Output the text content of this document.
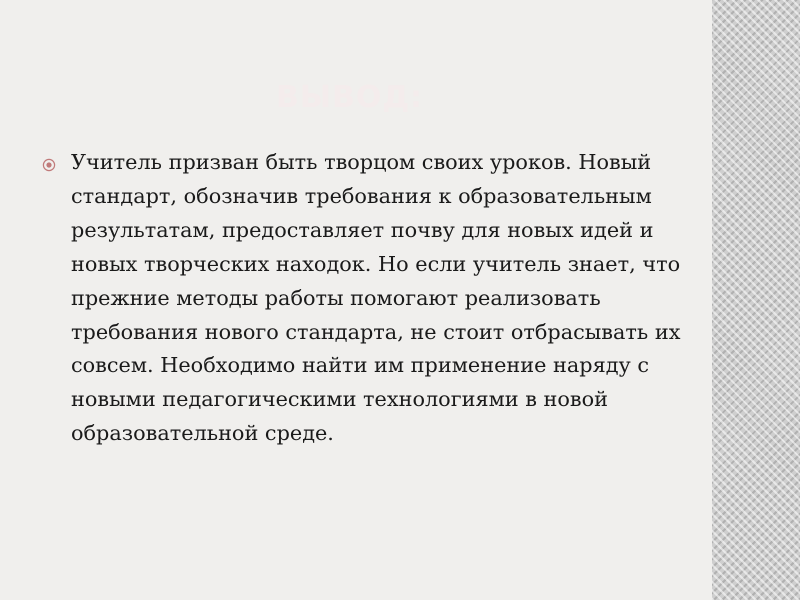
ВЫВОД:

Учитель призван быть творцом своих уроков. Новый стандарт, обозначив требования к образовательным результатам, предоставляет почву для новых идей и новых творческих находок. Но если учитель знает, что прежние методы работы помогают реализовать требования нового стандарта, не стоит отбрасывать их совсем. Необходимо найти им применение наряду с новыми педагогическими технологиями в новой образовательной среде.
